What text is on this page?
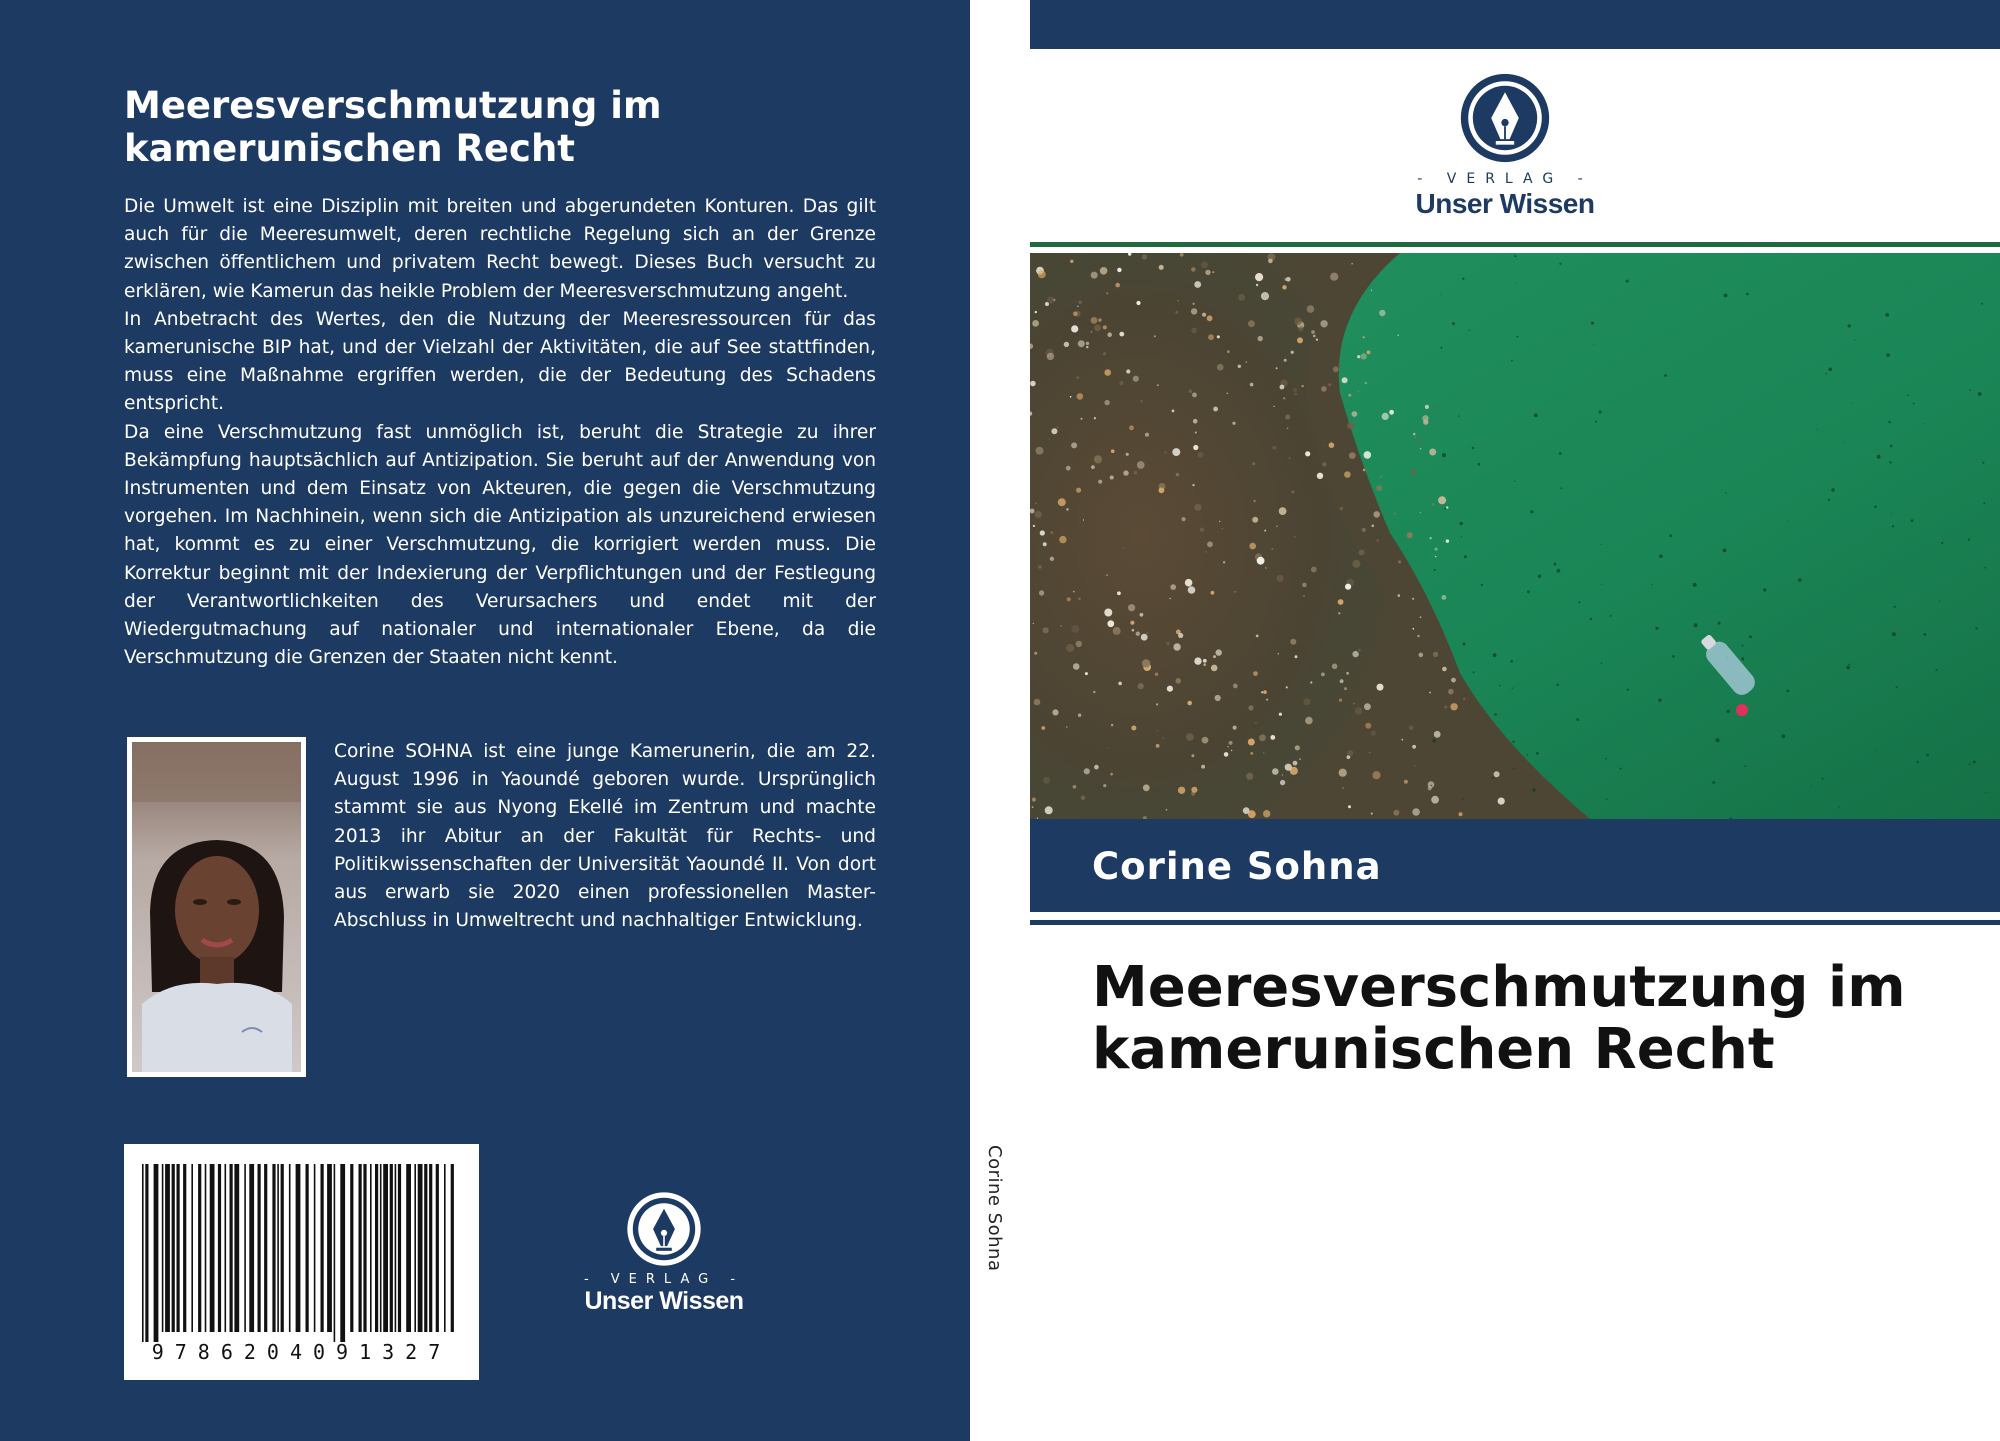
Meeresverschmutzung im
kamerunischen Recht

Die Umwelt ist eine Disziplin mit breiten und abgerundeten Konturen. Das gilt auch für die Meeresumwelt, deren rechtliche Regelung sich an der Grenze zwischen öffentlichem und privatem Recht bewegt. Dieses Buch versucht zu erklären, wie Kamerun das heikle Problem der Meeresverschmutzung angeht.

In Anbetracht des Wertes, den die Nutzung der Meeresressourcen für das kamerunische BIP hat, und der Vielzahl der Aktivitäten, die auf See stattfinden, muss eine Maßnahme ergriffen werden, die der Bedeutung des Schadens entspricht.

Da eine Verschmutzung fast unmöglich ist, beruht die Strategie zu ihrer Bekämpfung hauptsächlich auf Antizipation. Sie beruht auf der Anwendung von Instrumenten und dem Einsatz von Akteuren, die gegen die Verschmutzung vorgehen. Im Nachhinein, wenn sich die Antizipation als unzureichend erwiesen hat, kommt es zu einer Verschmutzung, die korrigiert werden muss. Die Korrektur beginnt mit der Indexierung der Verpflichtungen und der Festlegung der Verantwortlichkeiten des Verursachers und endet mit der Wiedergutmachung auf nationaler und internationaler Ebene, da die Verschmutzung die Grenzen der Staaten nicht kennt.

Corine SOHNA ist eine junge Kamerunerin, die am 22. August 1996 in Yaoundé geboren wurde. Ursprünglich stammt sie aus Nyong Ekellé im Zentrum und machte 2013 ihr Abitur an der Fakultät für Rechts- und Politikwissenschaften der Universität Yaoundé II. Von dort aus erwarb sie 2020 einen professionellen Master-Abschluss in Umweltrecht und nachhaltiger Entwicklung.

9786204091327
- VERLAG -
Unser Wissen
Corine Sohna
- VERLAG -
Unser Wissen
Corine Sohna
Meeresverschmutzung im
kamerunischen Recht
